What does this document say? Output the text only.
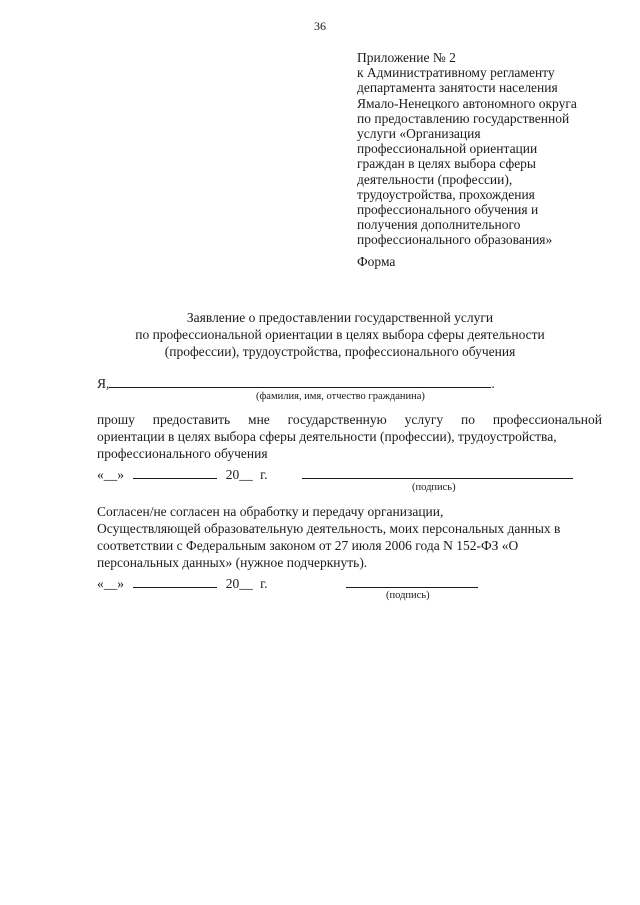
36
Приложение № 2
к Административному регламенту
департамента занятости населения
Ямало-Ненецкого автономного округа
по предоставлению государственной
услуги «Организация
профессиональной ориентации
граждан в целях выбора сферы
деятельности (профессии),
трудоустройства, прохождения
профессионального обучения и
получения дополнительного
профессионального образования»
Форма
Заявление о предоставлении государственной услуги
по профессиональной ориентации в целях выбора сферы деятельности
(профессии), трудоустройства, профессионального обучения
Я,	.
(фамилия, имя, отчество гражданина)
прошу предоставить мне государственную услугу по профессиональной
ориентации в целях выбора сферы деятельности (профессии), трудоустройства,
профессионального обучения
«__»	20__ г.
(подпись)
Согласен/не согласен на обработку и передачу организации,
Осуществляющей образовательную деятельность, моих персональных данных в
соответствии с Федеральным законом от 27 июля 2006 года N 152-ФЗ «О
персональных данных» (нужное подчеркнуть).
«__»	20__ г.
(подпись)
